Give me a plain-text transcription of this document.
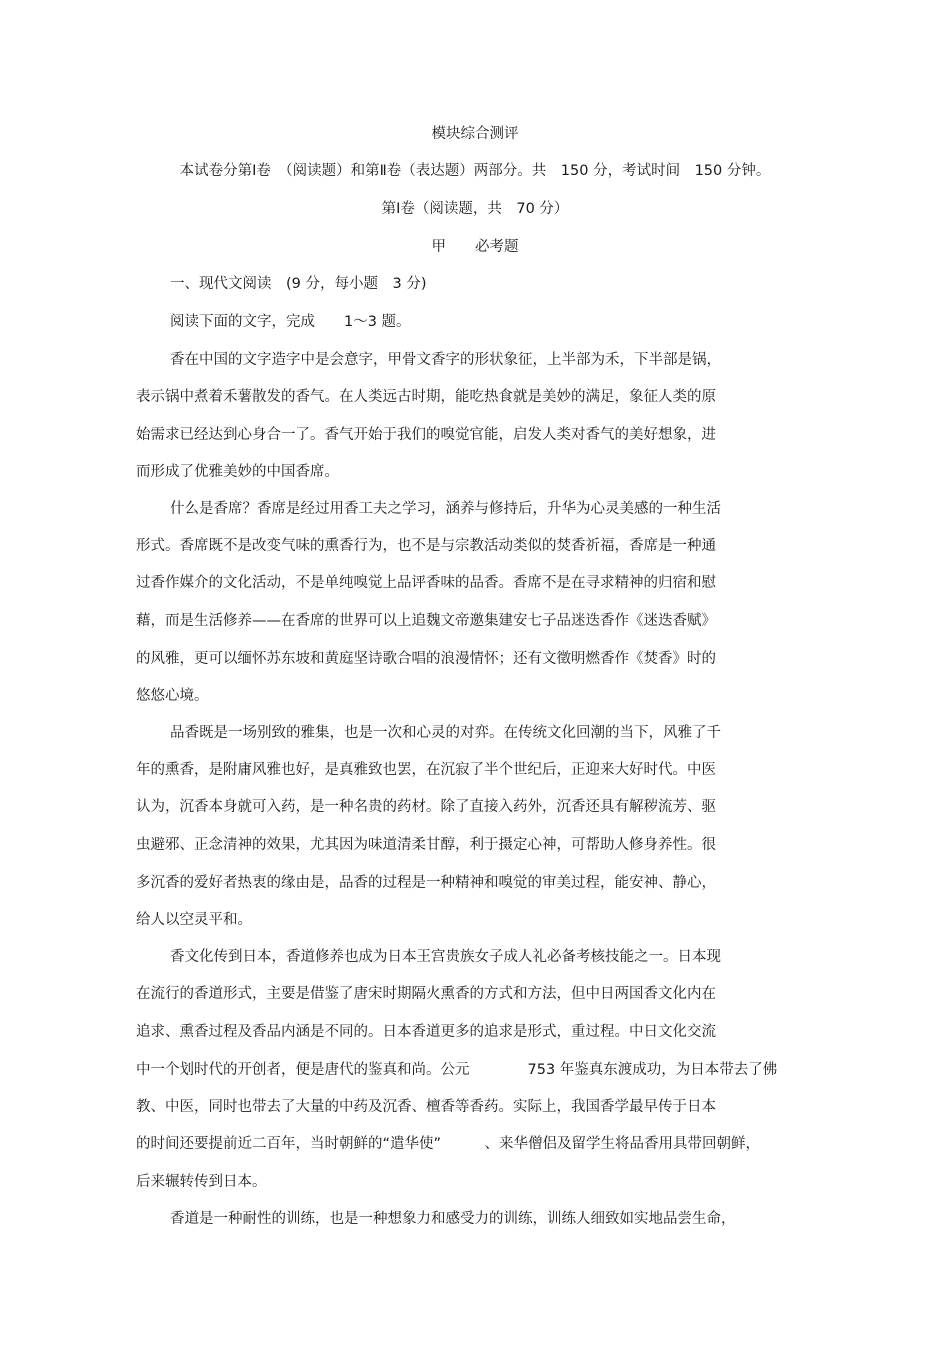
模块综合测评
本试卷分第Ⅰ卷　（阅读题）和第Ⅱ卷（表达题）两部分。共　150 分，考试时间　150 分钟。
第Ⅰ卷（阅读题，共　70 分）
甲　　必考题
一、现代文阅读　(9 分，每小题　3 分)
阅读下面的文字，完成　　1～3 题。
香在中国的文字造字中是会意字，甲骨文香字的形状象征，上半部为禾，下半部是锅，
表示锅中煮着禾薯散发的香气。在人类远古时期，能吃热食就是美妙的满足，象征人类的原
始需求已经达到心身合一了。香气开始于我们的嗅觉官能，启发人类对香气的美好想象，进
而形成了优雅美妙的中国香席。
什么是香席？香席是经过用香工夫之学习，涵养与修持后，升华为心灵美感的一种生活
形式。香席既不是改变气味的熏香行为，也不是与宗教活动类似的焚香祈福，香席是一种通
过香作媒介的文化活动，不是单纯嗅觉上品评香味的品香。香席不是在寻求精神的归宿和慰
藉，而是生活修养——在香席的世界可以上追魏文帝邀集建安七子品迷迭香作《迷迭香赋》
的风雅，更可以缅怀苏东坡和黄庭坚诗歌合唱的浪漫情怀；还有文徵明燃香作《焚香》时的
悠悠心境。
品香既是一场别致的雅集，也是一次和心灵的对弈。在传统文化回潮的当下，风雅了千
年的熏香，是附庸风雅也好，是真雅致也罢，在沉寂了半个世纪后，正迎来大好时代。中医
认为，沉香本身就可入药，是一种名贵的药材。除了直接入药外，沉香还具有解秽流芳、驱
虫避邪、正念清神的效果，尤其因为味道清柔甘醇，利于摄定心神，可帮助人修身养性。很
多沉香的爱好者热衷的缘由是，品香的过程是一种精神和嗅觉的审美过程，能安神、静心，
给人以空灵平和。
香文化传到日本，香道修养也成为日本王宫贵族女子成人礼必备考核技能之一。日本现
在流行的香道形式，主要是借鉴了唐宋时期隔火熏香的方式和方法，但中日两国香文化内在
追求、熏香过程及香品内涵是不同的。日本香道更多的追求是形式，重过程。中日文化交流
中一个划时代的开创者，便是唐代的鉴真和尚。公元　　　　753 年鉴真东渡成功，为日本带去了佛
教、中医，同时也带去了大量的中药及沉香、檀香等香药。实际上，我国香学最早传于日本
的时间还要提前近二百年，当时朝鲜的“遣华使”　　　、来华僧侣及留学生将品香用具带回朝鲜，
后来辗转传到日本。
香道是一种耐性的训练，也是一种想象力和感受力的训练，训练人细致如实地品尝生命，
